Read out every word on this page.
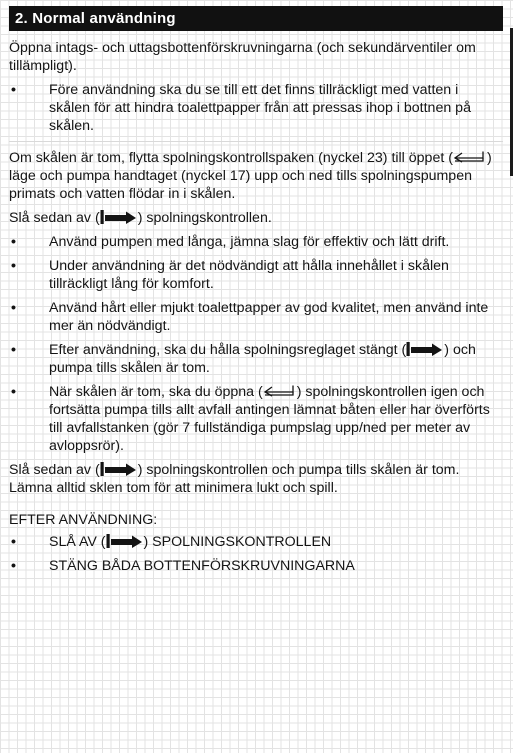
2. Normal användning

Öppna intags- och uttagsbottenförskruvningarna (och sekundärventiler om tillämpligt).

•	Före användning ska du se till ett det finns tillräckligt med vatten i skålen för att hindra toalettpapper från att pressas ihop i bottnen på skålen.

Om skålen är tom, flytta spolningskontrollspaken (nyckel 23) till öppet ( ) läge och pumpa handtaget (nyckel 17) upp och ned tills spolningspumpen primats och vatten flödar in i skålen.

Slå sedan av (	) spolningskontrollen.

•	Använd pumpen med långa, jämna slag för effektiv och lätt drift.
•	Under användning är det nödvändigt att hålla innehållet i skålen tillräckligt lång för komfort.
•	Använd hårt eller mjukt toalettpapper av god kvalitet, men använd inte mer än nödvändigt.
•	Efter användning, ska du hålla spolningsreglaget stängt (	) och pumpa tills skålen är tom.
•	När skålen är tom, ska du öppna ( ) spolningskontrollen igen och fortsätta pumpa tills allt avfall antingen lämnat båten eller har överförts till avfallstanken (gör 7 fullständiga pumpslag upp/ned per meter av avloppsrör).

Slå sedan av (	) spolningskontrollen och pumpa tills skålen är tom. Lämna alltid sklen tom för att minimera lukt och spill.

EFTER ANVÄNDNING:

•	SLÅ AV (	) SPOLNINGSKONTROLLEN
•	STÄNG BÅDA BOTTENFÖRSKRUVNINGARNA
